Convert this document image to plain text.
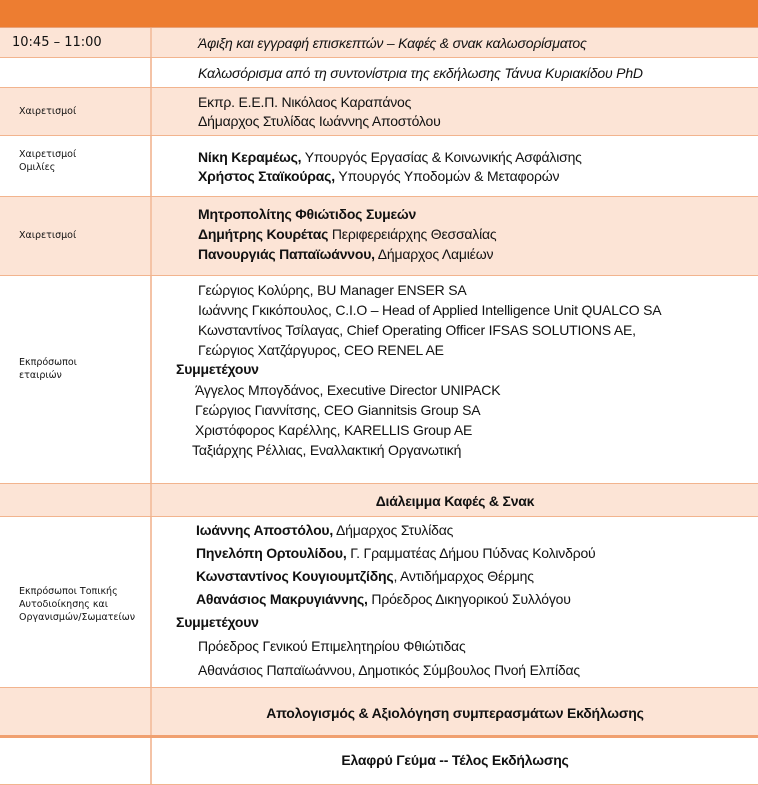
10:45 – 11:00	Άφιξη και εγγραφή επισκεπτών – Καφές & σνακ καλωσορίσματος
Καλωσόρισμα από τη συντονίστρια της εκδήλωσης Τάνυα Κυριακίδου PhD
Χαιρετισμοί
Εκπρ. Ε.Ε.Π. Νικόλαος Καραπάνος
Δήμαρχος Στυλίδας Ιωάννης Αποστόλου
Χαιρετισμοί
Ομιλίες
Νίκη Κεραμέως, Υπουργός Εργασίας & Κοινωνικής Ασφάλισης
Χρήστος Σταϊκούρας, Υπουργός Υποδομών & Μεταφορών
Χαιρετισμοί
Μητροπολίτης Φθιώτιδος Συμεών
Δημήτρης Κουρέτας Περιφερειάρχης Θεσσαλίας
Πανουργιάς Παπαϊωάννου, Δήμαρχος Λαμιέων
Εκπρόσωποι
εταιριών
Γεώργιος Κολύρης, BU Manager ENSER SA
Ιωάννης Γκικόπουλος, C.I.O – Head of Applied Intelligence Unit QUALCO SA
Κωνσταντίνος Τσίλαγας, Chief Operating Officer IFSAS SOLUTIONS AE,
Γεώργιος Χατζάργυρος, CEO RENEL AE
Συμμετέχουν
Άγγελος Μπογδάνος, Executive Director UNIPACK
Γεώργιος Γιαννίτσης, CEO Giannitsis Group SA
Χριστόφορος Καρέλλης, KARELLIS Group AE
Ταξιάρχης Ρέλλιας, Εναλλακτική Οργανωτική
Διάλειμμα Καφές & Σνακ
Εκπρόσωποι Τοπικής
Αυτοδιοίκησης και
Οργανισμών/Σωματείων
Ιωάννης Αποστόλου, Δήμαρχος Στυλίδας
Πηνελόπη Ορτουλίδου, Γ. Γραμματέας Δήμου Πύδνας Κολινδρού
Κωνσταντίνος Κουγιουμτζίδης, Αντιδήμαρχος Θέρμης
Αθανάσιος Μακρυγιάννης, Πρόεδρος Δικηγορικού Συλλόγου
Συμμετέχουν
Πρόεδρος Γενικού Επιμελητηρίου Φθιώτιδας
Αθανάσιος Παπαϊωάννου, Δημοτικός Σύμβουλος Πνοή Ελπίδας
Απολογισμός & Αξιολόγηση συμπερασμάτων Εκδήλωσης
Ελαφρύ Γεύμα -- Τέλος Εκδήλωσης
